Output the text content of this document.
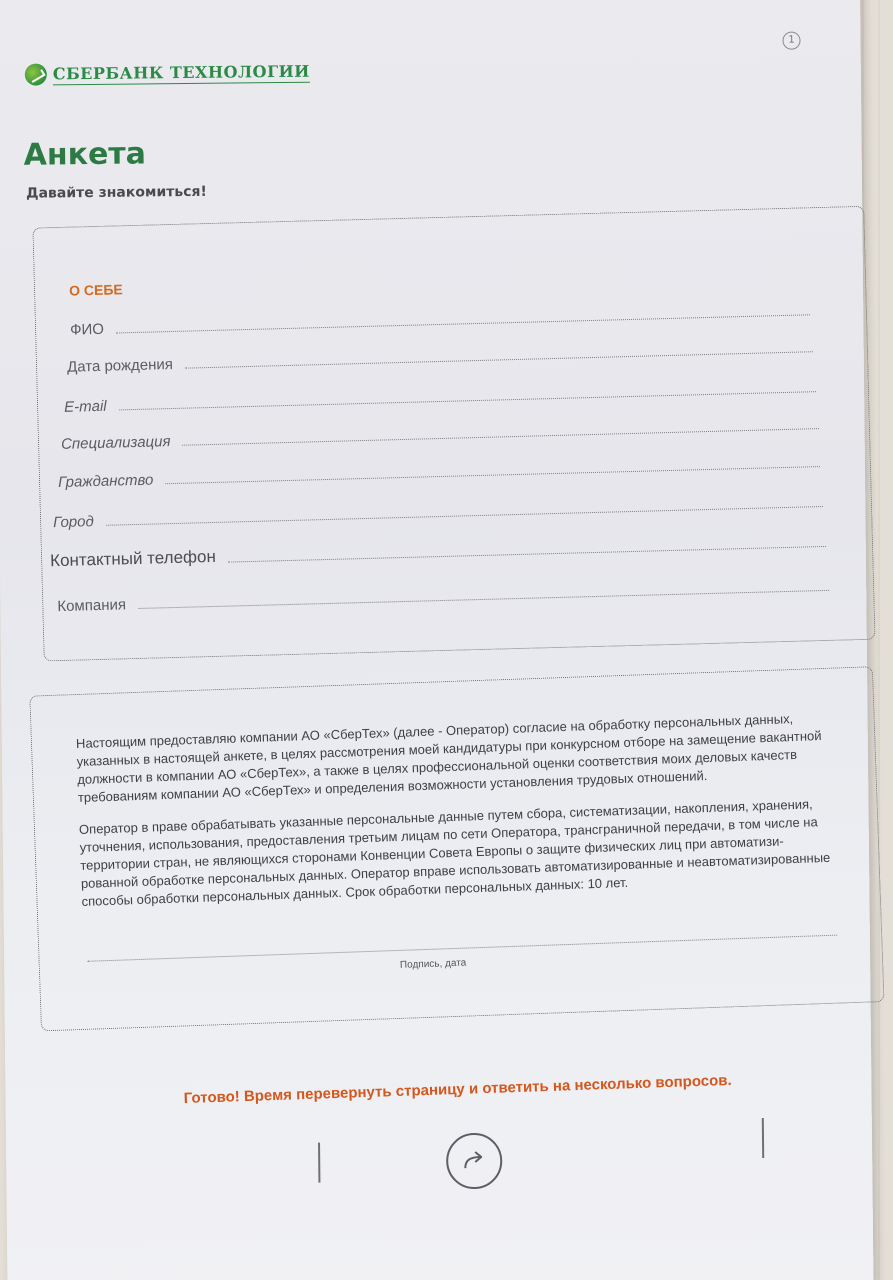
1
СБЕРБАНК ТЕХНОЛОГИИ
Анкета
Давайте знакомиться!
О СЕБЕ
ФИО
Дата рождения
E-mail
Специализация
Гражданство
Город
Контактный телефон
Компания

Настоящим предоставляю компании АО «СберТех» (далее - Оператор) согласие на обработку персональных данных, указанных в настоящей анкете, в целях рассмотрения моей кандидатуры при конкурсном отборе на замещение вакантной должности в компании АО «СберТех», а также в целях профессиональной оценки соответствия моих деловых качеств требованиям компании АО «СберТех» и определения возможности установления трудовых отношений.

Оператор в праве обрабатывать указанные персональные данные путем сбора, систематизации, накопления, хранения, уточнения, использования, предоставления третьим лицам по сети Оператора, трансграничной передачи, в том числе на территории стран, не являющихся сторонами Конвенции Совета Европы о защите физических лиц при автоматизи-рованной обработке персональных данных. Оператор вправе использовать автоматизированные и неавтоматизированные способы обработки персональных данных. Срок обработки персональных данных: 10 лет.

Подпись, дата
Готово! Время перевернуть страницу и ответить на несколько вопросов.
